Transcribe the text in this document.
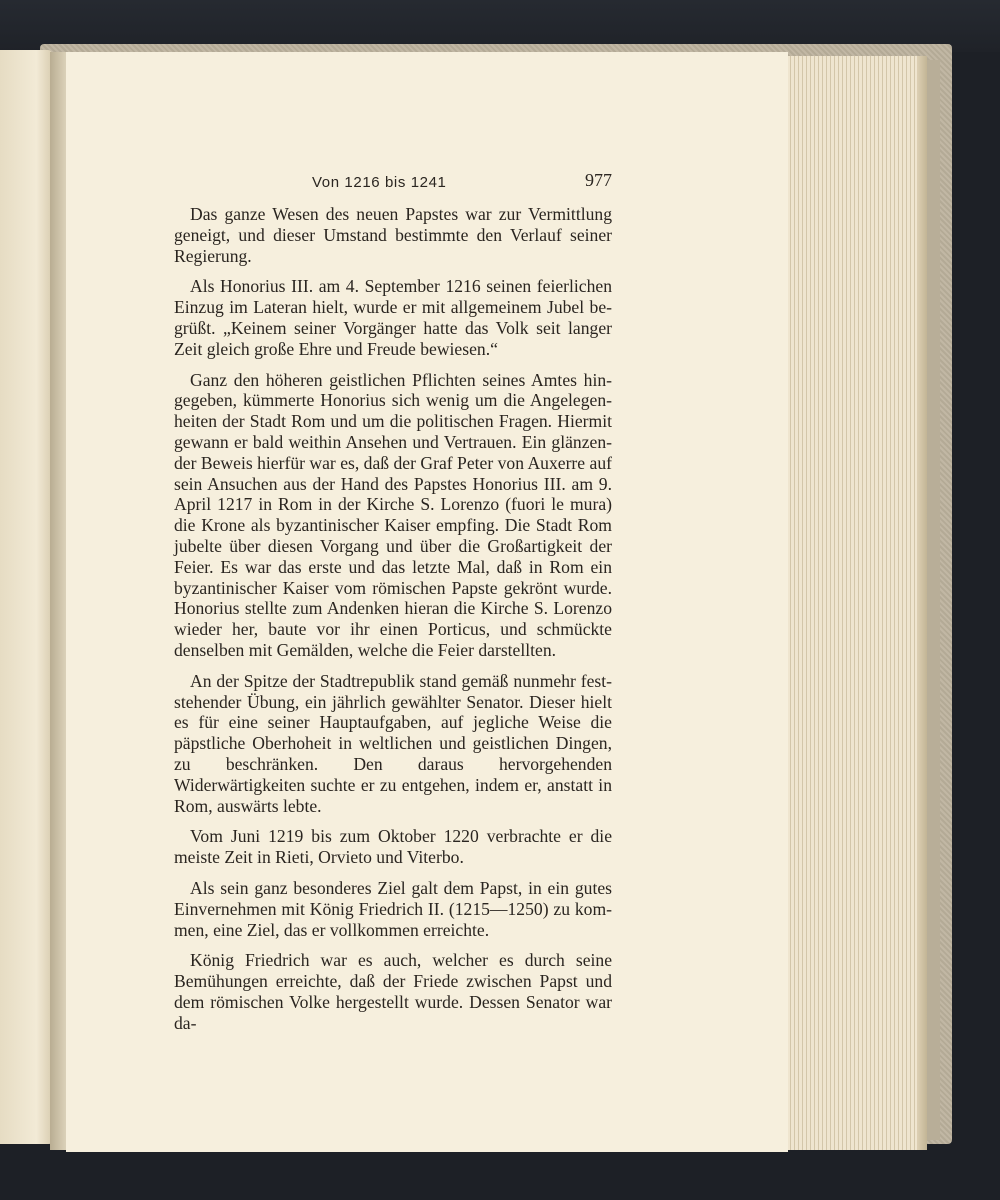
Von 1216 bis 1241	977

Das ganze Wesen des neuen Papstes war zur Vermittlung geneigt, und dieser Umstand bestimmte den Verlauf seiner Regierung.

Als Honorius III. am 4. September 1216 seinen feierlichen Einzug im Lateran hielt, wurde er mit allgemeinem Jubel begrüßt. „Keinem seiner Vorgänger hatte das Volk seit langer Zeit gleich große Ehre und Freude bewiesen.“

Ganz den höheren geistlichen Pflichten seines Amtes hingegeben, kümmerte Honorius sich wenig um die Angelegenheiten der Stadt Rom und um die politischen Fragen. Hiermit gewann er bald weithin Ansehen und Vertrauen. Ein glänzender Beweis hierfür war es, daß der Graf Peter von Auxerre auf sein Ansuchen aus der Hand des Papstes Honorius III. am 9. April 1217 in Rom in der Kirche S. Lorenzo (fuori le mura) die Krone als byzantinischer Kaiser empfing. Die Stadt Rom jubelte über diesen Vorgang und über die Großartigkeit der Feier. Es war das erste und das letzte Mal, daß in Rom ein byzantinischer Kaiser vom römischen Papste gekrönt wurde. Honorius stellte zum Andenken hieran die Kirche S. Lorenzo wieder her, baute vor ihr einen Porticus, und schmückte denselben mit Gemälden, welche die Feier darstellten.

An der Spitze der Stadtrepublik stand gemäß nunmehr feststehender Übung, ein jährlich gewählter Senator. Dieser hielt es für eine seiner Hauptaufgaben, auf jegliche Weise die päpstliche Oberhoheit in weltlichen und geistlichen Dingen, zu beschränken. Den daraus hervorgehenden Widerwärtigkeiten suchte er zu entgehen, indem er, anstatt in Rom, auswärts lebte.

Vom Juni 1219 bis zum Oktober 1220 verbrachte er die meiste Zeit in Rieti, Orvieto und Viterbo.

Als sein ganz besonderes Ziel galt dem Papst, in ein gutes Einvernehmen mit König Friedrich II. (1215—1250) zu kommen, eine Ziel, das er vollkommen erreichte.

König Friedrich war es auch, welcher es durch seine Bemühungen erreichte, daß der Friede zwischen Papst und dem römischen Volke hergestellt wurde. Dessen Senator war da-
